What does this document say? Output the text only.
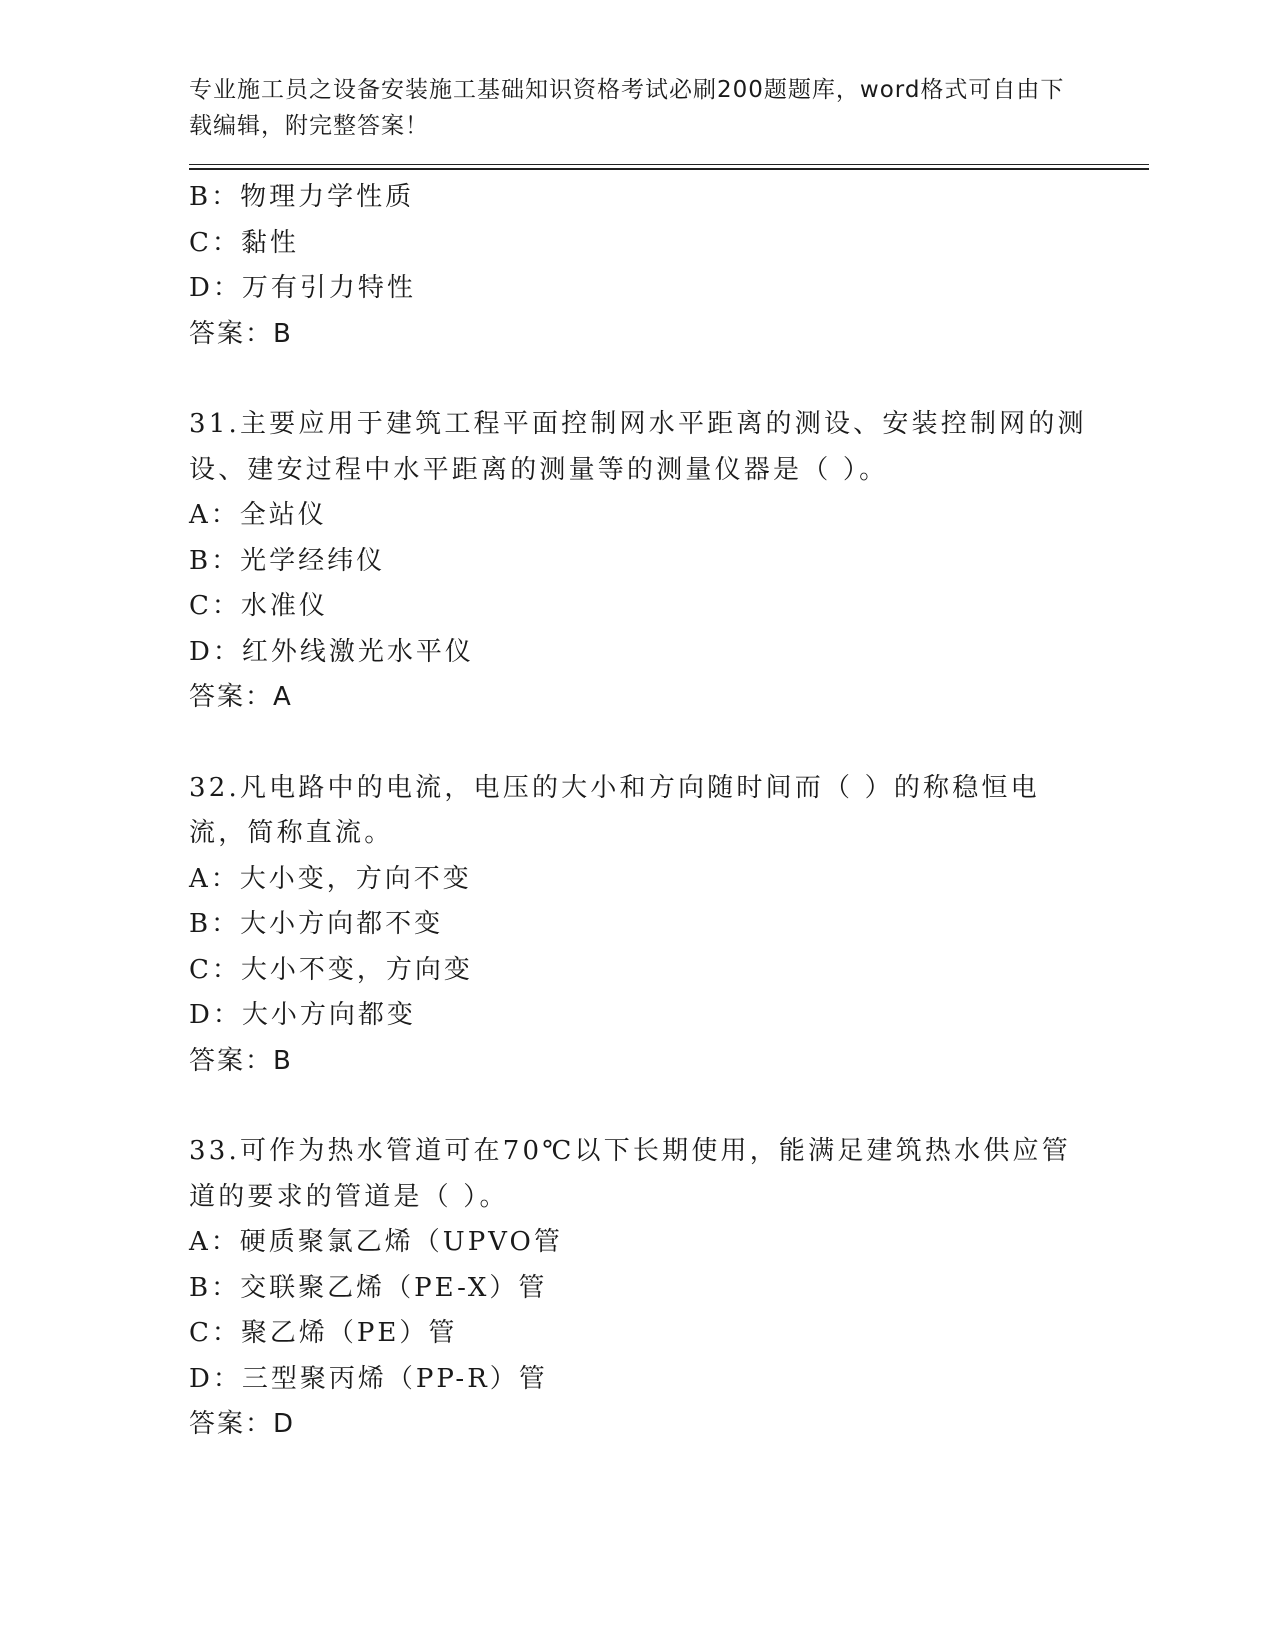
专业施工员之设备安装施工基础知识资格考试必刷200题题库，word格式可自由下载编辑，附完整答案！
B：物理力学性质
C：黏性
D：万有引力特性
答案：B
31.主要应用于建筑工程平面控制网水平距离的测设、安装控制网的测设、建安过程中水平距离的测量等的测量仪器是（ ）。
A：全站仪
B：光学经纬仪
C：水准仪
D：红外线激光水平仪
答案：A
32.凡电路中的电流，电压的大小和方向随时间而（ ）的称稳恒电流，简称直流。
A：大小变，方向不变
B：大小方向都不变
C：大小不变，方向变
D：大小方向都变
答案：B
33.可作为热水管道可在70℃以下长期使用，能满足建筑热水供应管道的要求的管道是（ ）。
A：硬质聚氯乙烯（UPVO管
B：交联聚乙烯（PE-X）管
C：聚乙烯（PE）管
D：三型聚丙烯（PP-R）管
答案：D
